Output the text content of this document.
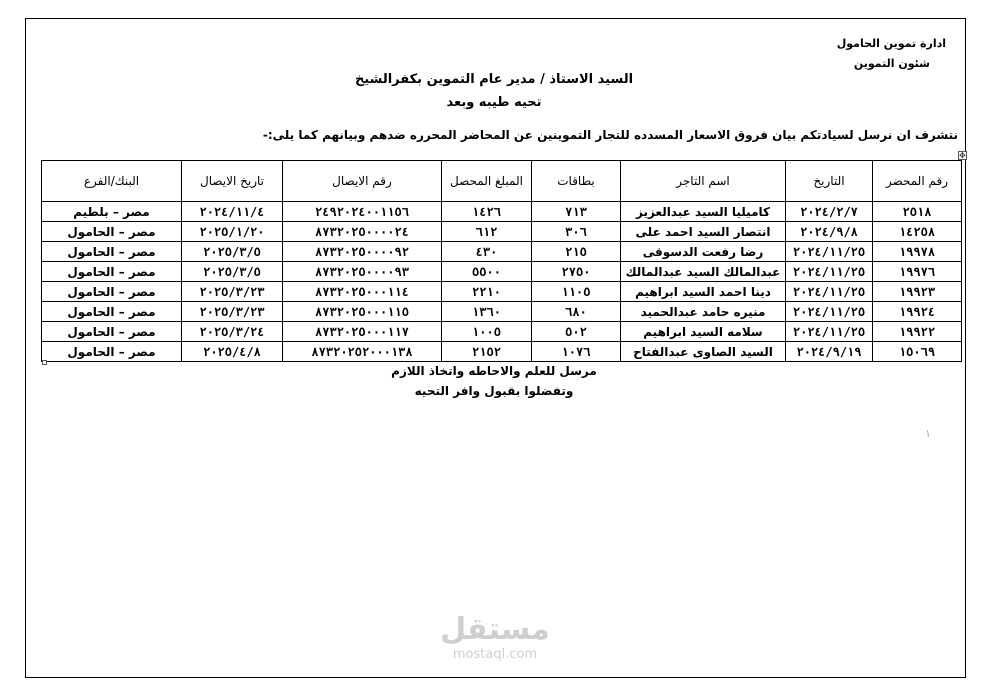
ادارة تموين الحامول
شئون التموين
السيد الاستاذ / مدير عام التموين بكفرالشيخ
تحيه طيبه وبعد
نتشرف ان نرسل لسيادتكم بيان فروق الاسعار المسدده للتجار التموينين عن المحاضر المحرره ضدهم وبيانهم كما يلى:-
✥
رقم المحضر	التاريخ	اسم التاجر	بطاقات	المبلغ المحصل	رقم الايصال	تاريخ الايصال	البنك/الفرع
٢٥١٨	٢٠٢٤/٢/٧	كاميليا السيد عبدالعزيز	٧١٣	١٤٢٦	٢٤٩٢٠٢٤٠٠١١٥٦	٢٠٢٤/١١/٤	مصر – بلطيم
١٤٢٥٨	٢٠٢٤/٩/٨	انتصار السيد احمد على	٣٠٦	٦١٢	٨٧٣٢٠٢٥٠٠٠٠٢٤	٢٠٢٥/١/٢٠	مصر – الحامول
١٩٩٧٨	٢٠٢٤/١١/٢٥	رضا رفعت الدسوقى	٢١٥	٤٣٠	٨٧٣٢٠٢٥٠٠٠٠٩٢	٢٠٢٥/٣/٥	مصر – الحامول
١٩٩٧٦	٢٠٢٤/١١/٢٥	عبدالمالك السيد عبدالمالك	٢٧٥٠	٥٥٠٠	٨٧٣٢٠٢٥٠٠٠٠٩٣	٢٠٢٥/٣/٥	مصر – الحامول
١٩٩٢٣	٢٠٢٤/١١/٢٥	دينا احمد السيد ابراهيم	١١٠٥	٢٢١٠	٨٧٣٢٠٢٥٠٠٠١١٤	٢٠٢٥/٣/٢٣	مصر – الحامول
١٩٩٢٤	٢٠٢٤/١١/٢٥	منيره حامد عبدالحميد	٦٨٠	١٣٦٠	٨٧٣٢٠٢٥٠٠٠١١٥	٢٠٢٥/٣/٢٣	مصر – الحامول
١٩٩٢٢	٢٠٢٤/١١/٢٥	سلامه السيد ابراهيم	٥٠٢	١٠٠٥	٨٧٣٢٠٢٥٠٠٠١١٧	٢٠٢٥/٣/٢٤	مصر – الحامول
١٥٠٦٩	٢٠٢٤/٩/١٩	السيد الصاوى عبدالفتاح	١٠٧٦	٢١٥٢	٨٧٣٢٠٢٥٢٠٠٠١٣٨	٢٠٢٥/٤/٨	مصر – الحامول
مرسل للعلم والاحاطه واتخاذ اللازم
وتفضلوا بقبول وافر التحيه
١
مستقل
mostaql.com
